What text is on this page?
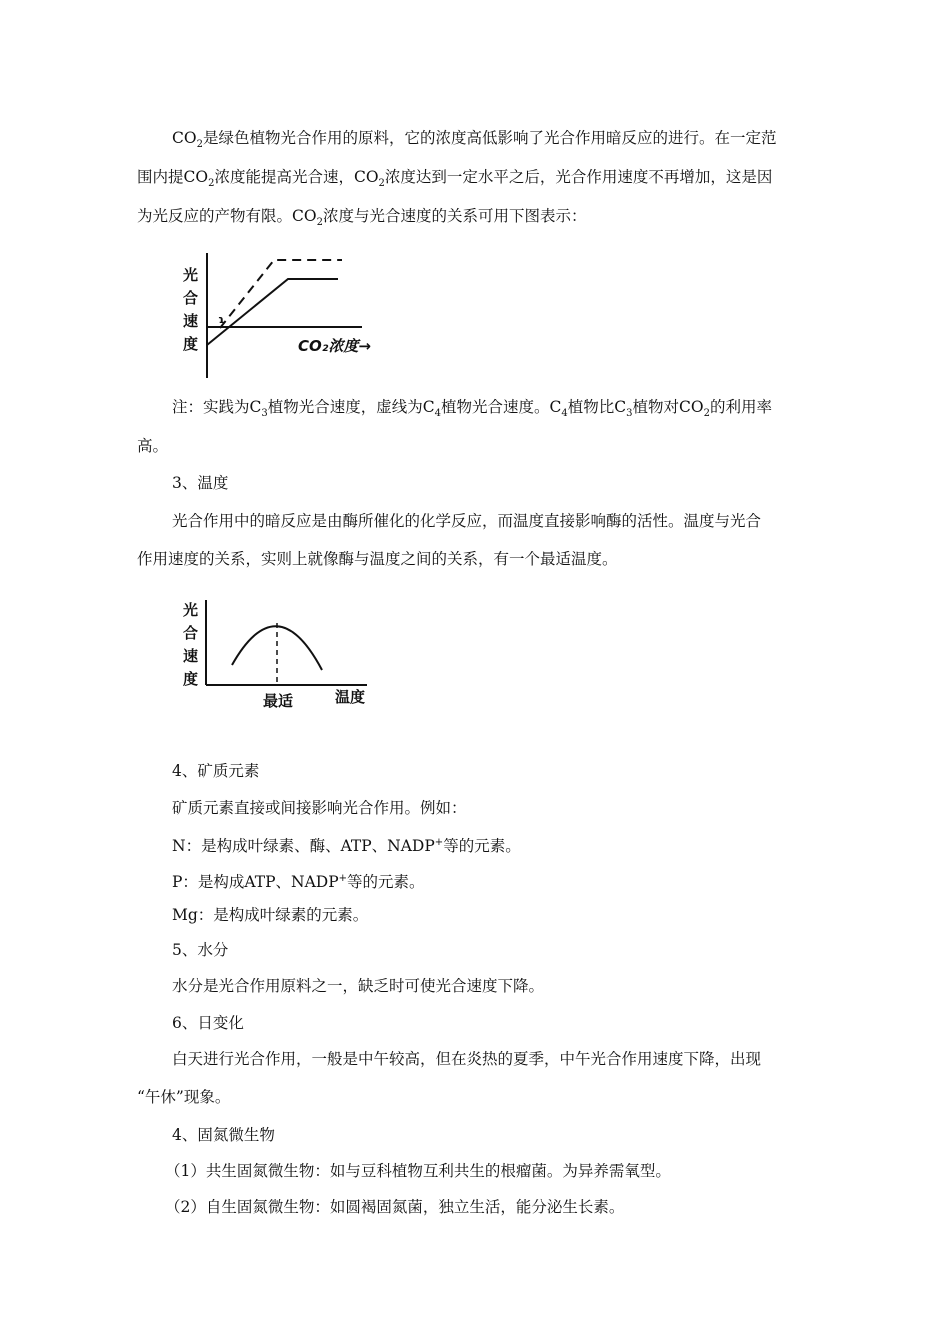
$CO_2$是绿色植物光合作用的原料，它的浓度高低影响了光合作用暗反应的进行。在一定范
围内提$CO_2$浓度能提高光合速，$CO_2$浓度达到一定水平之后，光合作用速度不再增加，这是因
为光反应的产物有限。$CO_2$浓度与光合速度的关系可用下图表示：
光
合
速
度
ɿ
CO₂浓度→
注：实践为$C_3$植物光合速度，虚线为$C_4$植物光合速度。$C_4$植物比$C_3$植物对$CO_2$的利用率
高。
3、温度
光合作用中的暗反应是由酶所催化的化学反应，而温度直接影响酶的活性。温度与光合
作用速度的关系，实则上就像酶与温度之间的关系，有一个最适温度。
光
合
速
度
最适	温度
4、矿质元素
矿质元素直接或间接影响光合作用。例如：
N：是构成叶绿素、酶、ATP、NADP+等的元素。
P：是构成ATP、NADP+等的元素。
Mg：是构成叶绿素的元素。
5、水分
水分是光合作用原料之一，缺乏时可使光合速度下降。
6、日变化
白天进行光合作用，一般是中午较高，但在炎热的夏季，中午光合作用速度下降，出现
“午休”现象。
4、固氮微生物
（1）共生固氮微生物：如与豆科植物互利共生的根瘤菌。为异养需氧型。
（2）自生固氮微生物：如圆褐固氮菌，独立生活，能分泌生长素。
